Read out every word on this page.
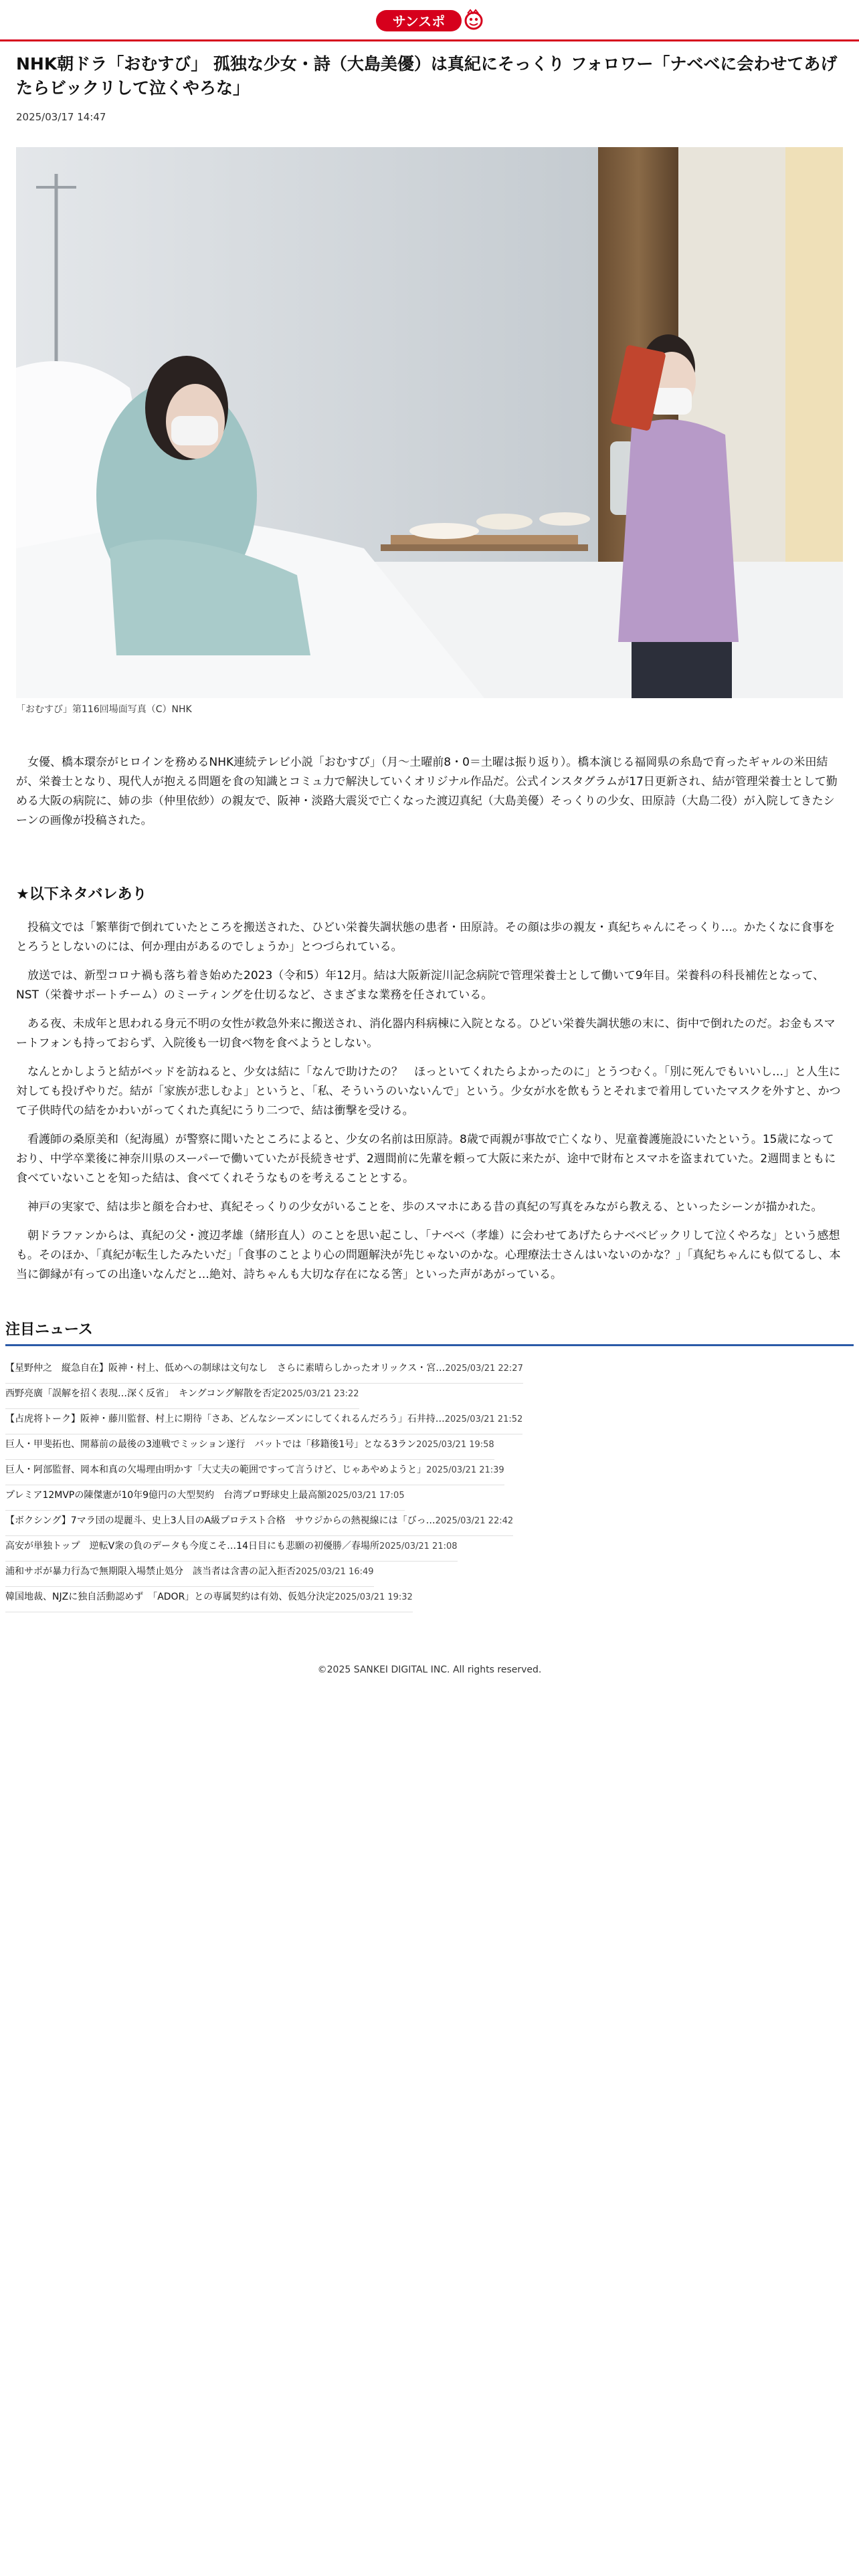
サンスポ
NHK朝ドラ「おむすび」 孤独な少女・詩（大島美優）は真紀にそっくり フォロワー「ナベベに会わせてあげたらビックリして泣くやろな」
2025/03/17 14:47
「おむすび」第116回場面写真（C）NHK

女優、橋本環奈がヒロインを務めるNHK連続テレビ小説「おむすび」（月～土曜前8・0＝土曜は振り返り）。橋本演じる福岡県の糸島で育ったギャルの米田結が、栄養士となり、現代人が抱える問題を食の知識とコミュ力で解決していくオリジナル作品だ。公式インスタグラムが17日更新され、結が管理栄養士として勤める大阪の病院に、姉の歩（仲里依紗）の親友で、阪神・淡路大震災で亡くなった渡辺真紀（大島美優）そっくりの少女、田原詩（大島二役）が入院してきたシーンの画像が投稿された。

★以下ネタバレあり

投稿文では「繁華街で倒れていたところを搬送された、ひどい栄養失調状態の患者・田原詩。その顔は歩の親友・真紀ちゃんにそっくり…。かたくなに食事をとろうとしないのには、何か理由があるのでしょうか」とつづられている。

放送では、新型コロナ禍も落ち着き始めた2023（令和5）年12月。結は大阪新淀川記念病院で管理栄養士として働いて9年目。栄養科の科長補佐となって、NST（栄養サポートチーム）のミーティングを仕切るなど、さまざまな業務を任されている。

ある夜、未成年と思われる身元不明の女性が救急外来に搬送され、消化器内科病棟に入院となる。ひどい栄養失調状態の末に、街中で倒れたのだ。お金もスマートフォンも持っておらず、入院後も一切食べ物を食べようとしない。

なんとかしようと結がベッドを訪ねると、少女は結に「なんで助けたの？　ほっといてくれたらよかったのに」とうつむく。「別に死んでもいいし…」と人生に対しても投げやりだ。結が「家族が悲しむよ」というと、「私、そういうのいないんで」という。少女が水を飲もうとそれまで着用していたマスクを外すと、かつて子供時代の結をかわいがってくれた真紀にうり二つで、結は衝撃を受ける。

看護師の桑原美和（紀海風）が警察に聞いたところによると、少女の名前は田原詩。8歳で両親が事故で亡くなり、児童養護施設にいたという。15歳になっており、中学卒業後に神奈川県のスーパーで働いていたが長続きせず、2週間前に先輩を頼って大阪に来たが、途中で財布とスマホを盗まれていた。2週間まともに食べていないことを知った結は、食べてくれそうなものを考えることとする。

神戸の実家で、結は歩と顔を合わせ、真紀そっくりの少女がいることを、歩のスマホにある昔の真紀の写真をみながら教える、といったシーンが描かれた。

朝ドラファンからは、真紀の父・渡辺孝雄（緒形直人）のことを思い起こし、「ナベベ（孝雄）に会わせてあげたらナベベビックリして泣くやろな」という感想も。そのほか、「真紀が転生したみたいだ」「食事のことより心の問題解決が先じゃないのかな。心理療法士さんはいないのかな？」「真紀ちゃんにも似てるし、本当に御縁が有っての出逢いなんだと…絶対、詩ちゃんも大切な存在になる筈」といった声があがっている。

注目ニュース
【星野仲之　縦急自在】阪神・村上、低めへの制球は文句なし　さらに素晴らしかったオリックス・宮…2025/03/21 22:27
西野亮廣「誤解を招く表現…深く反省」　キングコング解散を否定2025/03/21 23:22
【占虎将トーク】阪神・藤川監督、村上に期待「さあ、どんなシーズンにしてくれるんだろう」石井持…2025/03/21 21:52
巨人・甲斐拓也、開幕前の最後の3連戦でミッション遂行　バットでは「移籍後1号」となる3ラン2025/03/21 19:58
巨人・阿部監督、岡本和真の欠場理由明かす「大丈夫の範囲ですって言うけど、じゃあやめようと」2025/03/21 21:39
プレミア12MVPの陳傑憲が10年9億円の大型契約　台湾プロ野球史上最高額2025/03/21 17:05
【ボクシング】7マラ団の堤麗斗、史上3人目のA級プロテスト合格　サウジからの熱視線には「びっ…2025/03/21 22:42
高安が単独トップ　逆転V衆の負のデータも今度こそ…14日目にも悲願の初優勝／春場所2025/03/21 21:08
浦和サポが暴力行為で無期限入場禁止処分　該当者は含書の記入拒否2025/03/21 16:49
韓国地裁、NJZに独自活動認めず　「ADOR」との専属契約は有効、仮処分決定2025/03/21 19:32
©2025 SANKEI DIGITAL INC. All rights reserved.
